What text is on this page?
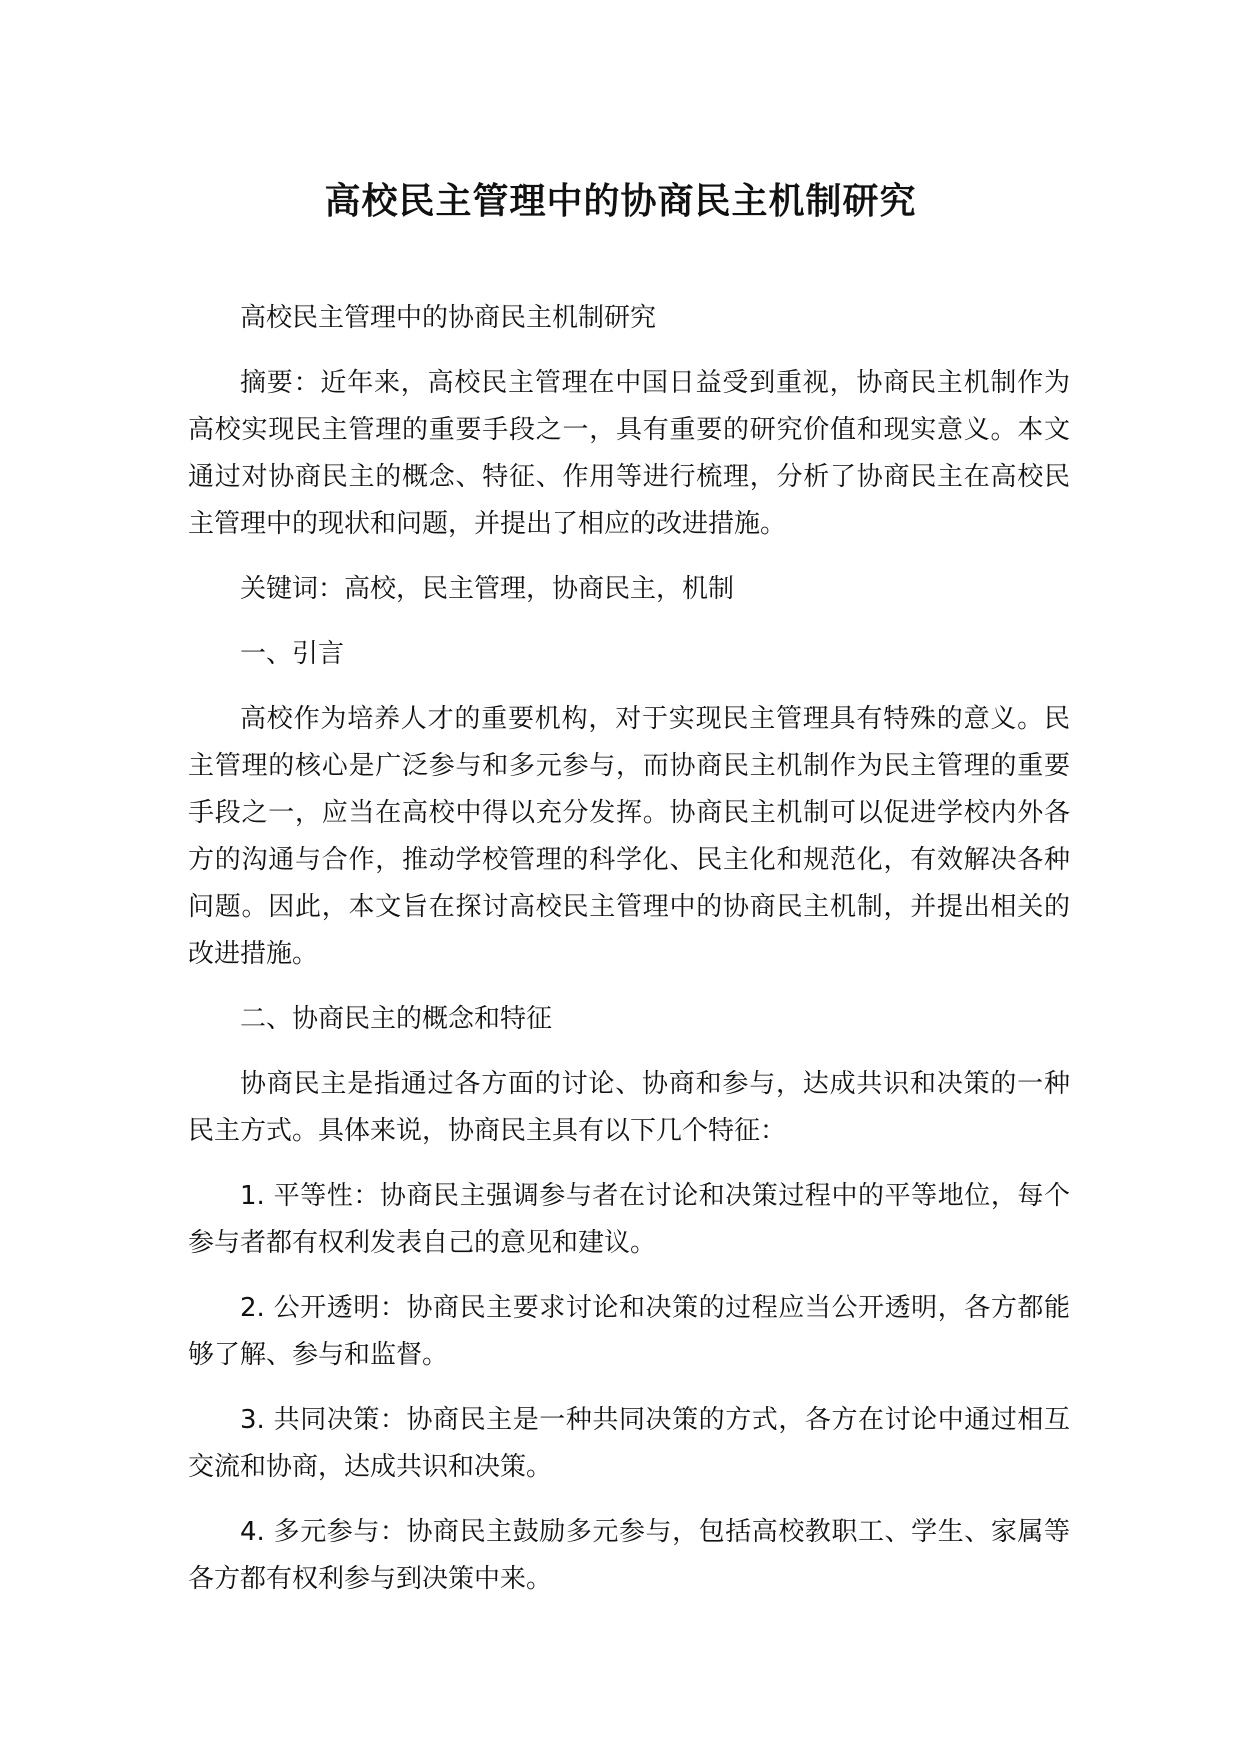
高校民主管理中的协商民主机制研究

高校民主管理中的协商民主机制研究

摘要：近年来，高校民主管理在中国日益受到重视，协商民主机制作为高校实现民主管理的重要手段之一，具有重要的研究价值和现实意义。本文通过对协商民主的概念、特征、作用等进行梳理，分析了协商民主在高校民主管理中的现状和问题，并提出了相应的改进措施。

关键词：高校，民主管理，协商民主，机制

一、引言

高校作为培养人才的重要机构，对于实现民主管理具有特殊的意义。民主管理的核心是广泛参与和多元参与，而协商民主机制作为民主管理的重要手段之一，应当在高校中得以充分发挥。协商民主机制可以促进学校内外各方的沟通与合作，推动学校管理的科学化、民主化和规范化，有效解决各种问题。因此，本文旨在探讨高校民主管理中的协商民主机制，并提出相关的改进措施。

二、协商民主的概念和特征

协商民主是指通过各方面的讨论、协商和参与，达成共识和决策的一种民主方式。具体来说，协商民主具有以下几个特征：

1. 平等性：协商民主强调参与者在讨论和决策过程中的平等地位，每个参与者都有权利发表自己的意见和建议。

2. 公开透明：协商民主要求讨论和决策的过程应当公开透明，各方都能够了解、参与和监督。

3. 共同决策：协商民主是一种共同决策的方式，各方在讨论中通过相互交流和协商，达成共识和决策。

4. 多元参与：协商民主鼓励多元参与，包括高校教职工、学生、家属等各方都有权利参与到决策中来。
